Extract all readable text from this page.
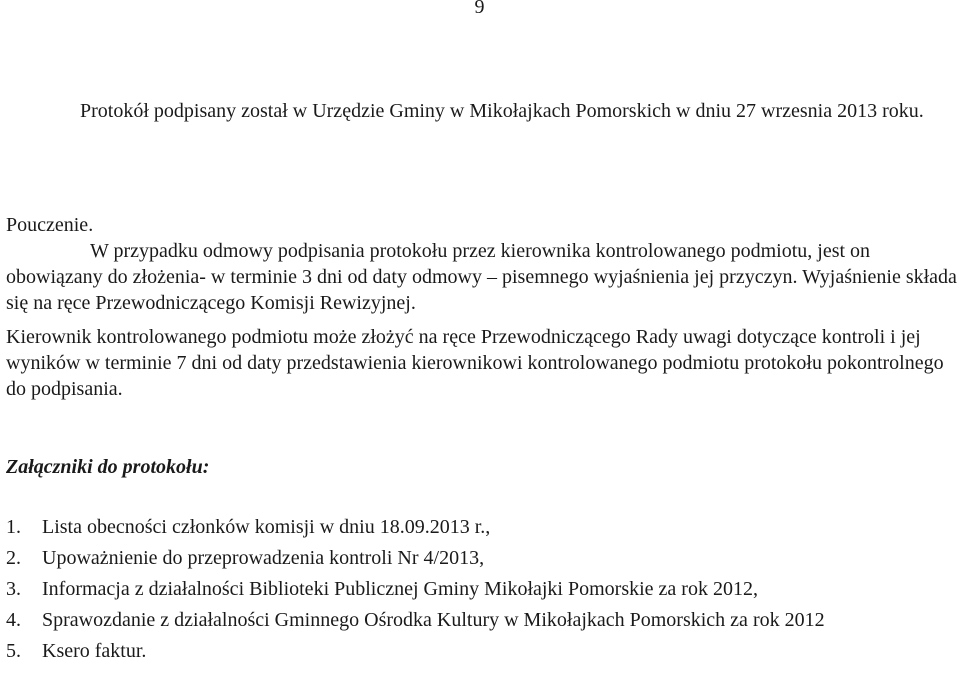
9

Protokół podpisany został w Urzędzie Gminy w Mikołajkach Pomorskich w dniu 27 wrzesnia 2013 roku.

Pouczenie.

W przypadku odmowy podpisania protokołu przez kierownika kontrolowanego podmiotu, jest on obowiązany do złożenia- w terminie 3 dni od daty odmowy – pisemnego wyjaśnienia jej przyczyn. Wyjaśnienie składa się na ręce Przewodniczącego Komisji Rewizyjnej.

Kierownik kontrolowanego podmiotu może złożyć na ręce Przewodniczącego Rady uwagi dotyczące kontroli i jej wyników w terminie 7 dni od daty przedstawienia kierownikowi kontrolowanego podmiotu protokołu pokontrolnego do podpisania.

Załączniki do protokołu:
1.	Lista obecności członków komisji w dniu 18.09.2013 r.,
2.	Upoważnienie do przeprowadzenia kontroli Nr 4/2013,
3.	Informacja z działalności Biblioteki Publicznej Gminy Mikołajki Pomorskie za rok 2012,
4.	Sprawozdanie z działalności Gminnego Ośrodka Kultury w Mikołajkach Pomorskich za rok 2012
5.	Ksero faktur.
